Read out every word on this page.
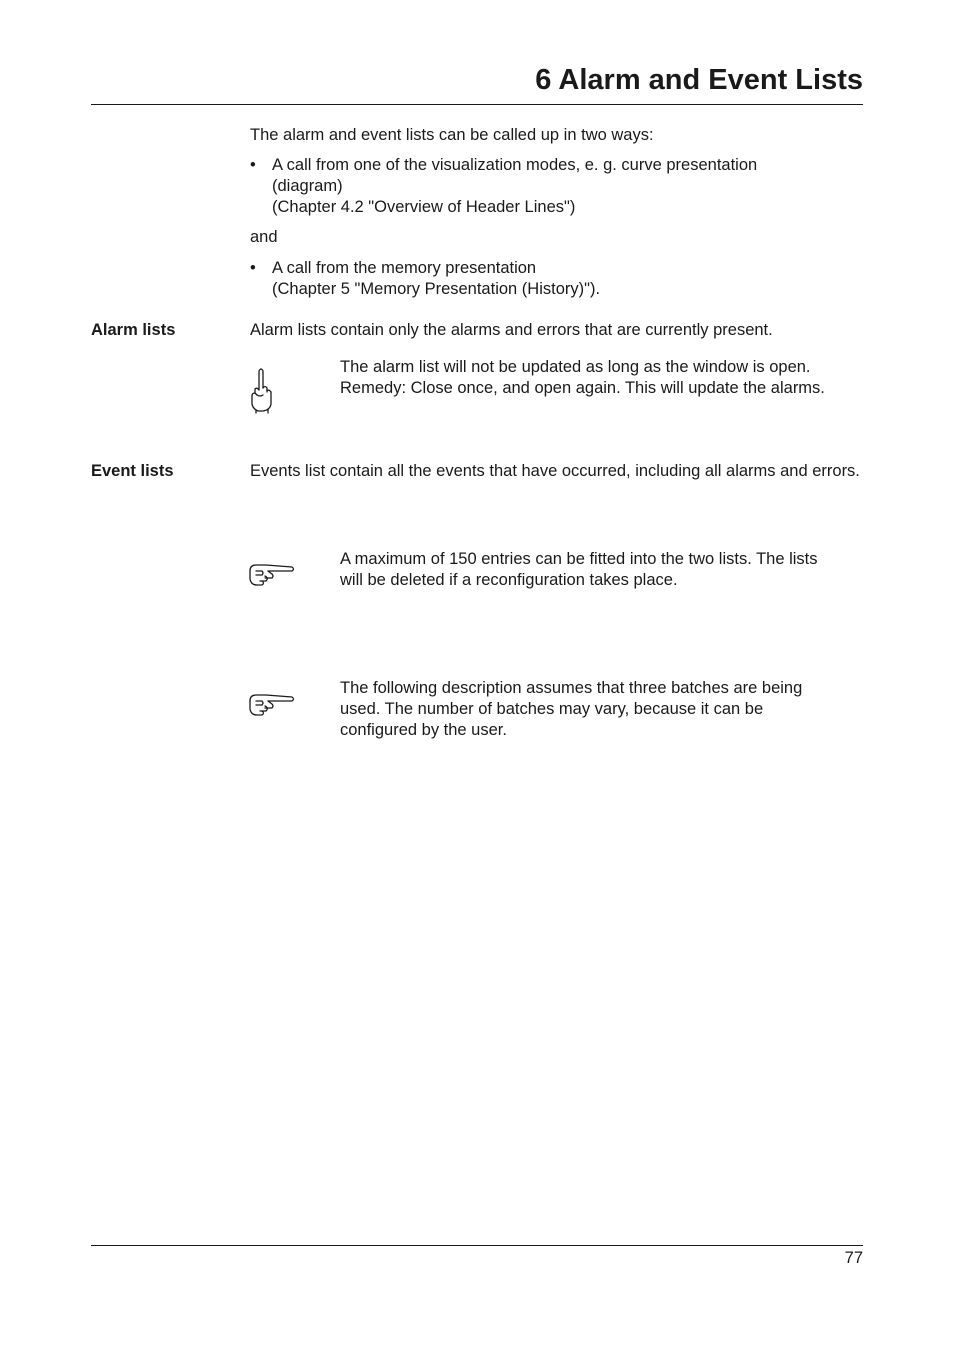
6 Alarm and Event Lists

The alarm and event lists can be called up in two ways:

• A call from one of the visualization modes, e. g. curve presentation
(diagram)
(Chapter 4.2 "Overview of Header Lines")

and

• A call from the memory presentation
(Chapter 5 "Memory Presentation (History)").
Alarm lists	Alarm lists contain only the alarms and errors that are currently present.

The alarm list will not be updated as long as the window is open.
Remedy: Close once, and open again. This will update the alarms.
Event lists	Events list contain all the events that have occurred, including all alarms and errors.

A maximum of 150 entries can be fitted into the two lists. The lists
will be deleted if a reconfiguration takes place.
The following description assumes that three batches are being
used. The number of batches may vary, because it can be
configured by the user.
77
